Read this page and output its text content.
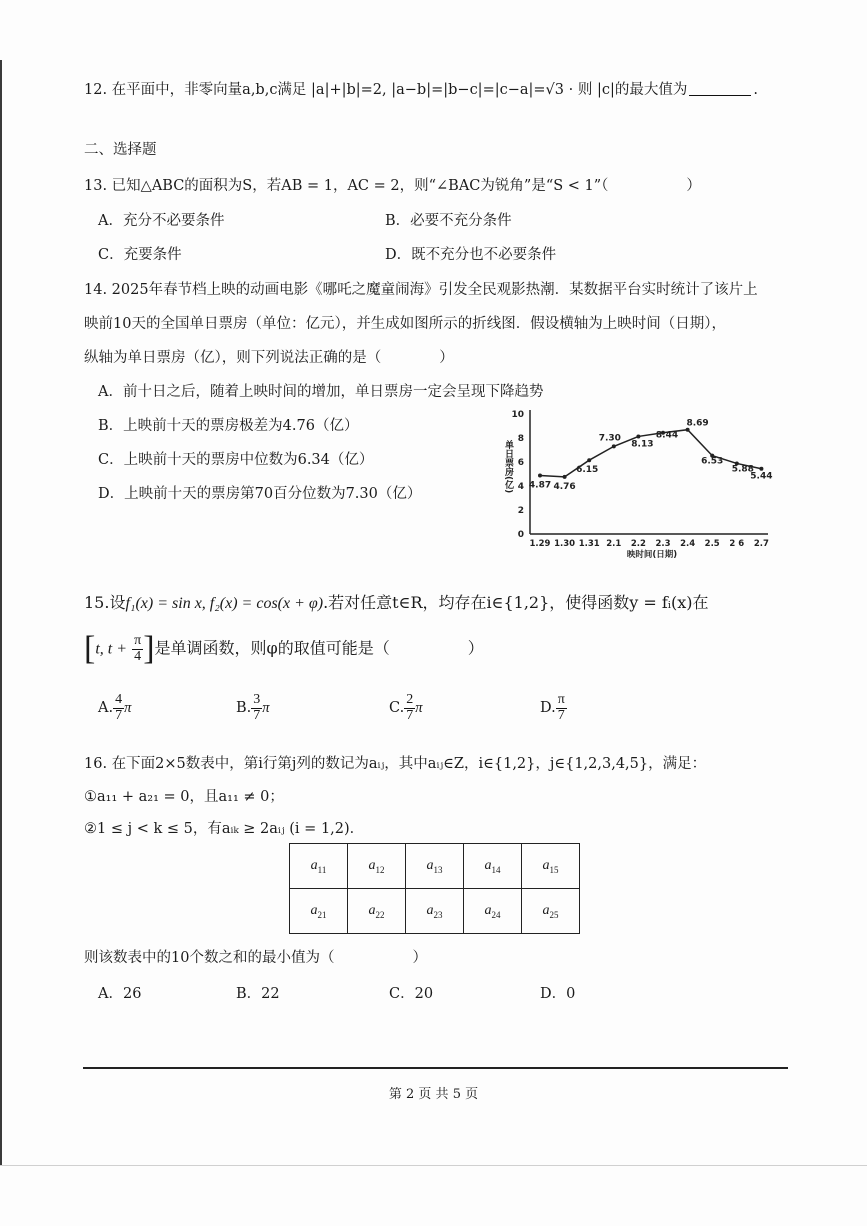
12. 在平面中，非零向量a,b,c满足 |a|+|b|=2, |a−b|=|b−c|=|c−a|=√3 · 则 |c|的最大值为	.
二、选择题
13. 已知△ABC的面积为S，若AB = 1，AC = 2，则“∠BAC为锐角”是“S < 1”（	）
A．充分不必要条件	B．必要不充分条件
C．充要条件	D．既不充分也不必要条件
14. 2025年春节档上映的动画电影《哪吒之魔童闹海》引发全民观影热潮．某数据平台实时统计了该片上
映前10天的全国单日票房（单位：亿元），并生成如图所示的折线图．假设横轴为上映时间（日期），
纵轴为单日票房（亿），则下列说法正确的是（　　　　）
A．前十日之后，随着上映时间的增加，单日票房一定会呈现下降趋势
B．上映前十天的票房极差为4.76（亿）
C．上映前十天的票房中位数为6.34（亿）
D．上映前十天的票房第70百分位数为7.30（亿）
0
2
4
6
8
10
1.29 1.30 1.31 2.1 2.2 2.3 2.4 2.5 2 6 2.7
4.87 4.76
6.15
7.30
8.13
8.44
8.69
6.53
5.88
5.44
单日票房(亿)
映时间(日期)
15.设f₁(x) = sin x, f₂(x) = cos(x + φ).若对任意t∈R，均存在i∈{1,2}，使得函数y = fᵢ(x)在
[t, $t + \frac{\pi}{4}$ ]是单调函数，则φ的取值可能是（	）
A. $\frac{4}{7}$ π	B. $\frac{3}{7}$ π	C. $\frac{2}{7}$ π	D. $\frac{\pi}{7}$
16. 在下面2×5数表中，第i行第j列的数记为aᵢⱼ，其中aᵢⱼ∈Z，i∈{1,2}，j∈{1,2,3,4,5}，满足：
①a₁₁ + a₂₁ = 0，且a₁₁ ≠ 0；
②1 ≤ j < k ≤ 5，有aᵢₖ ≥ 2aᵢⱼ (i = 1,2)．
$a_{11}$	$a_{12}$	$a_{13}$	$a_{14}$	$a_{15}$
$a_{21}$	$a_{22}$	$a_{23}$	$a_{24}$	$a_{25}$
则该数表中的10个数之和的最小值为（	）
A．26	B．22	C．20	D．0
第 2 页 共 5 页
